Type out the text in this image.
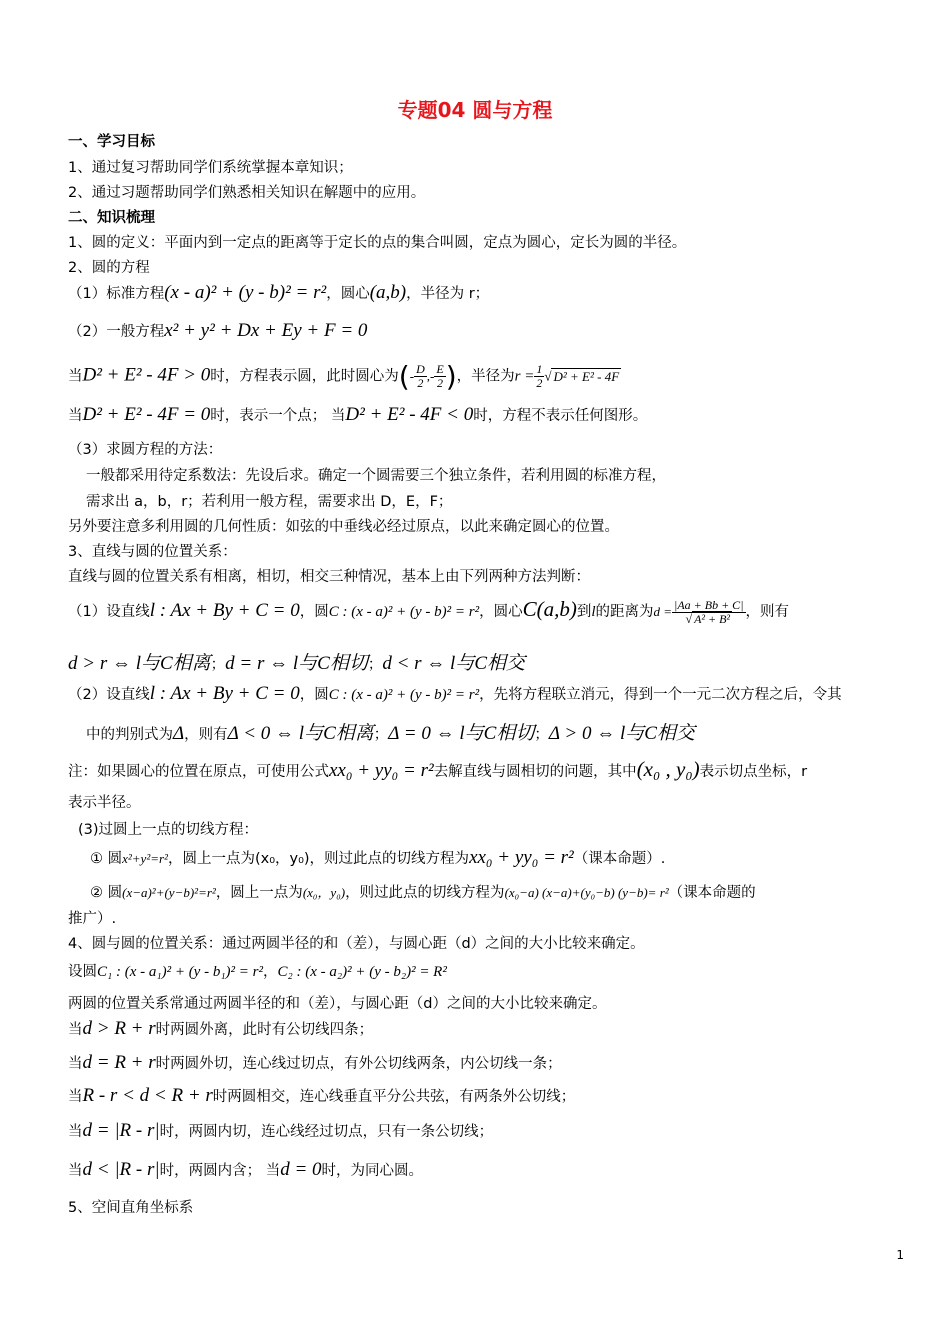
专题04 圆与方程
一、学习目标
1、通过复习帮助同学们系统掌握本章知识；
2、通过习题帮助同学们熟悉相关知识在解题中的应用。
二、知识梳理
1、圆的定义：平面内到一定点的距离等于定长的点的集合叫圆，定点为圆心，定长为圆的半径。
2、圆的方程
（1）标准方程(x - a)² + (y - b)² = r²，圆心(a,b)，半径为 r；
（2）一般方程x² + y² + Dx + Ey + F = 0
当D² + E² - 4F > 0时，方程表示圆，此时圆心为(- $\frac{D}{2}$ ,- $\frac{E}{2}$ )，半径为$r = \frac{1}{2}$ √ D² + E² - 4F
当D² + E² - 4F = 0时，表示一个点； 当D² + E² - 4F < 0时，方程不表示任何图形。
（3）求圆方程的方法：
一般都采用待定系数法：先设后求。确定一个圆需要三个独立条件，若利用圆的标准方程，
需求出 a，b，r；若利用一般方程，需要求出 D，E，F；
另外要注意多利用圆的几何性质：如弦的中垂线必经过原点，以此来确定圆心的位置。
3、直线与圆的位置关系：
直线与圆的位置关系有相离，相切，相交三种情况，基本上由下列两种方法判断：
（1）设直线l : Ax + By + C = 0，圆C : (x - a)² + (y - b)² = r²，圆心C(a,b)到l的距离为$d = \frac{|Aa + Bb + C|}{\text{√ A² + B²}}$ ，则有
d > r ⇔ l与C相离；d = r ⇔ l与C相切；d < r ⇔ l与C相交
（2）设直线l : Ax + By + C = 0，圆C : (x - a)² + (y - b)² = r²，先将方程联立消元，得到一个一元二次方程之后，令其
中的判别式为Δ，则有Δ < 0 ⇔ l与C相离；Δ = 0 ⇔ l与C相切；Δ > 0 ⇔ l与C相交
注：如果圆心的位置在原点，可使用公式xx₀ + yy₀ = r²去解直线与圆相切的问题，其中(x₀ , y₀)表示切点坐标，r
表示半径。
(3)过圆上一点的切线方程：
① 圆x²+y²=r²，圆上一点为(x₀，y₀)，则过此点的切线方程为xx₀ + yy₀ = r²（课本命题）.
② 圆(x−a)²+(y−b)²=r²，圆上一点为(x₀，y₀)，则过此点的切线方程为(x₀−a) (x−a)+(y₀−b) (y−b)= r²（课本命题的
推广）.
4、圆与圆的位置关系：通过两圆半径的和（差），与圆心距（d）之间的大小比较来确定。
设圆C₁ : (x - a₁)² + (y - b₁)² = r²，C₂ : (x - a₂)² + (y - b₂)² = R²
两圆的位置关系常通过两圆半径的和（差），与圆心距（d）之间的大小比较来确定。
当d > R + r时两圆外离，此时有公切线四条；
当d = R + r时两圆外切，连心线过切点，有外公切线两条，内公切线一条；
当R - r < d < R + r时两圆相交，连心线垂直平分公共弦，有两条外公切线；
当d = |R - r|时，两圆内切，连心线经过切点，只有一条公切线；
当d < |R - r|时，两圆内含； 当d = 0时，为同心圆。
5、空间直角坐标系
1
